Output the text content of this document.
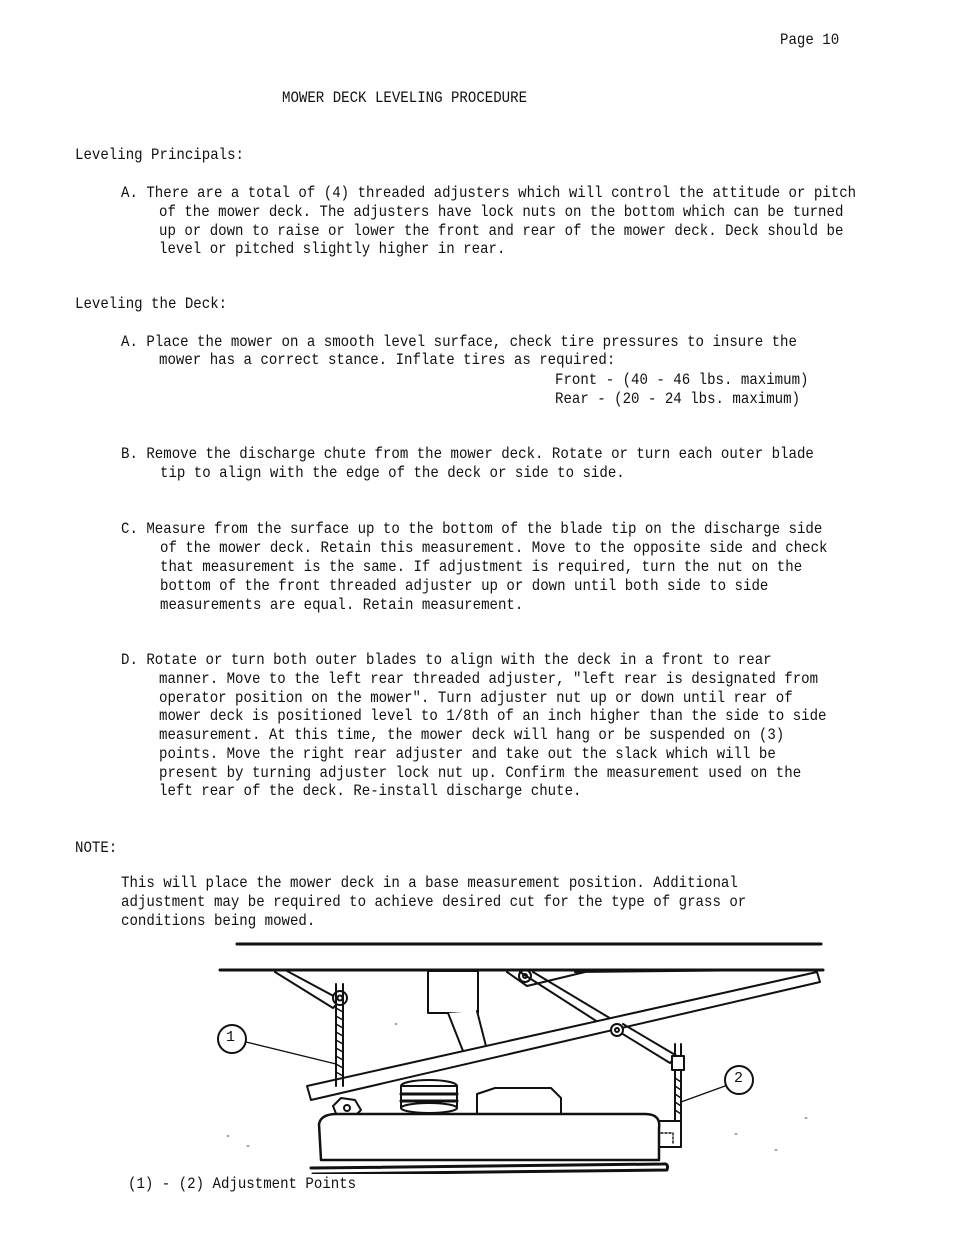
Page 10
MOWER DECK LEVELING PROCEDURE
Leveling Principals:
A. There are a total of (4) threaded adjusters which will control the attitude or pitch
of the mower deck. The adjusters have lock nuts on the bottom which can be turned
up or down to raise or lower the front and rear of the mower deck. Deck should be
level or pitched slightly higher in rear.
Leveling the Deck:
A. Place the mower on a smooth level surface, check tire pressures to insure the
mower has a correct stance. Inflate tires as required:
Front - (40 - 46 lbs. maximum)
Rear - (20 - 24 lbs. maximum)
B. Remove the discharge chute from the mower deck. Rotate or turn each outer blade
tip to align with the edge of the deck or side to side.
C. Measure from the surface up to the bottom of the blade tip on the discharge side
of the mower deck. Retain this measurement. Move to the opposite side and check
that measurement is the same. If adjustment is required, turn the nut on the
bottom of the front threaded adjuster up or down until both side to side
measurements are equal. Retain measurement.
D. Rotate or turn both outer blades to align with the deck in a front to rear
manner. Move to the left rear threaded adjuster, "left rear is designated from
operator position on the mower". Turn adjuster nut up or down until rear of
mower deck is positioned level to 1/8th of an inch higher than the side to side
measurement. At this time, the mower deck will hang or be suspended on (3)
points. Move the right rear adjuster and take out the slack which will be
present by turning adjuster lock nut up. Confirm the measurement used on the
left rear of the deck. Re-install discharge chute.
NOTE:
This will place the mower deck in a base measurement position. Additional
adjustment may be required to achieve desired cut for the type of grass or
conditions being mowed.
1
2
(1) - (2) Adjustment Points
